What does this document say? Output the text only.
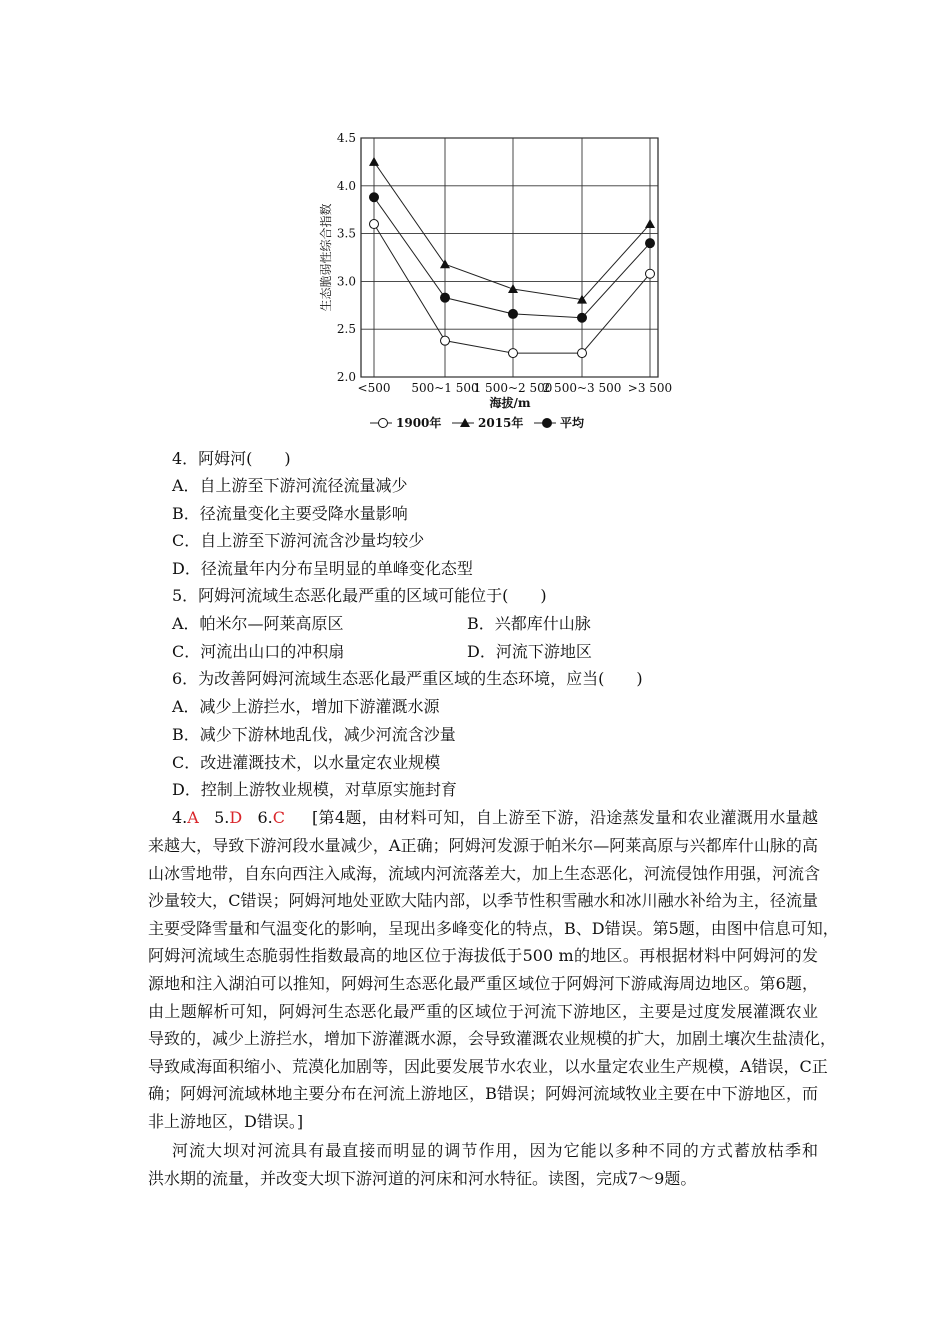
2.0
2.5
3.0
3.5
4.0
4.5
<500 500~1 500
1 500~2 500
2 500~3 500 >3 500
海拔/m
生态脆弱性综合指数
1900年	2015年	平均
4．阿姆河(　　)
A．自上游至下游河流径流量减少
B．径流量变化主要受降水量影响
C．自上游至下游河流含沙量均较少
D．径流量年内分布呈明显的单峰变化态型
5．阿姆河流域生态恶化最严重的区域可能位于(　　)
A．帕米尔—阿莱高原区	B．兴都库什山脉
C．河流出山口的冲积扇	D．河流下游地区
6．为改善阿姆河流域生态恶化最严重区域的生态环境，应当(　　)
A．减少上游拦水，增加下游灌溉水源
B．减少下游林地乱伐，减少河流含沙量
C．改进灌溉技术，以水量定农业规模
D．控制上游牧业规模，对草原实施封育
4.A 5.D 6.C [第4题，由材料可知，自上游至下游，沿途蒸发量和农业灌溉用水量越
来越大，导致下游河段水量减少，A正确；阿姆河发源于帕米尔—阿莱高原与兴都库什山脉的高
山冰雪地带，自东向西注入咸海，流域内河流落差大，加上生态恶化，河流侵蚀作用强，河流含
沙量较大，C错误；阿姆河地处亚欧大陆内部，以季节性积雪融水和冰川融水补给为主，径流量
主要受降雪量和气温变化的影响，呈现出多峰变化的特点，B、D错误。第5题，由图中信息可知，
阿姆河流域生态脆弱性指数最高的地区位于海拔低于500 m的地区。再根据材料中阿姆河的发
源地和注入湖泊可以推知，阿姆河生态恶化最严重区域位于阿姆河下游咸海周边地区。第6题，
由上题解析可知，阿姆河生态恶化最严重的区域位于河流下游地区，主要是过度发展灌溉农业
导致的，减少上游拦水，增加下游灌溉水源，会导致灌溉农业规模的扩大，加剧土壤次生盐渍化，
导致咸海面积缩小、荒漠化加剧等，因此要发展节水农业，以水量定农业生产规模，A错误，C正
确；阿姆河流域林地主要分布在河流上游地区，B错误；阿姆河流域牧业主要在中下游地区，而
非上游地区，D错误。]
河流大坝对河流具有最直接而明显的调节作用，因为它能以多种不同的方式蓄放枯季和
洪水期的流量，并改变大坝下游河道的河床和河水特征。读图，完成7～9题。
